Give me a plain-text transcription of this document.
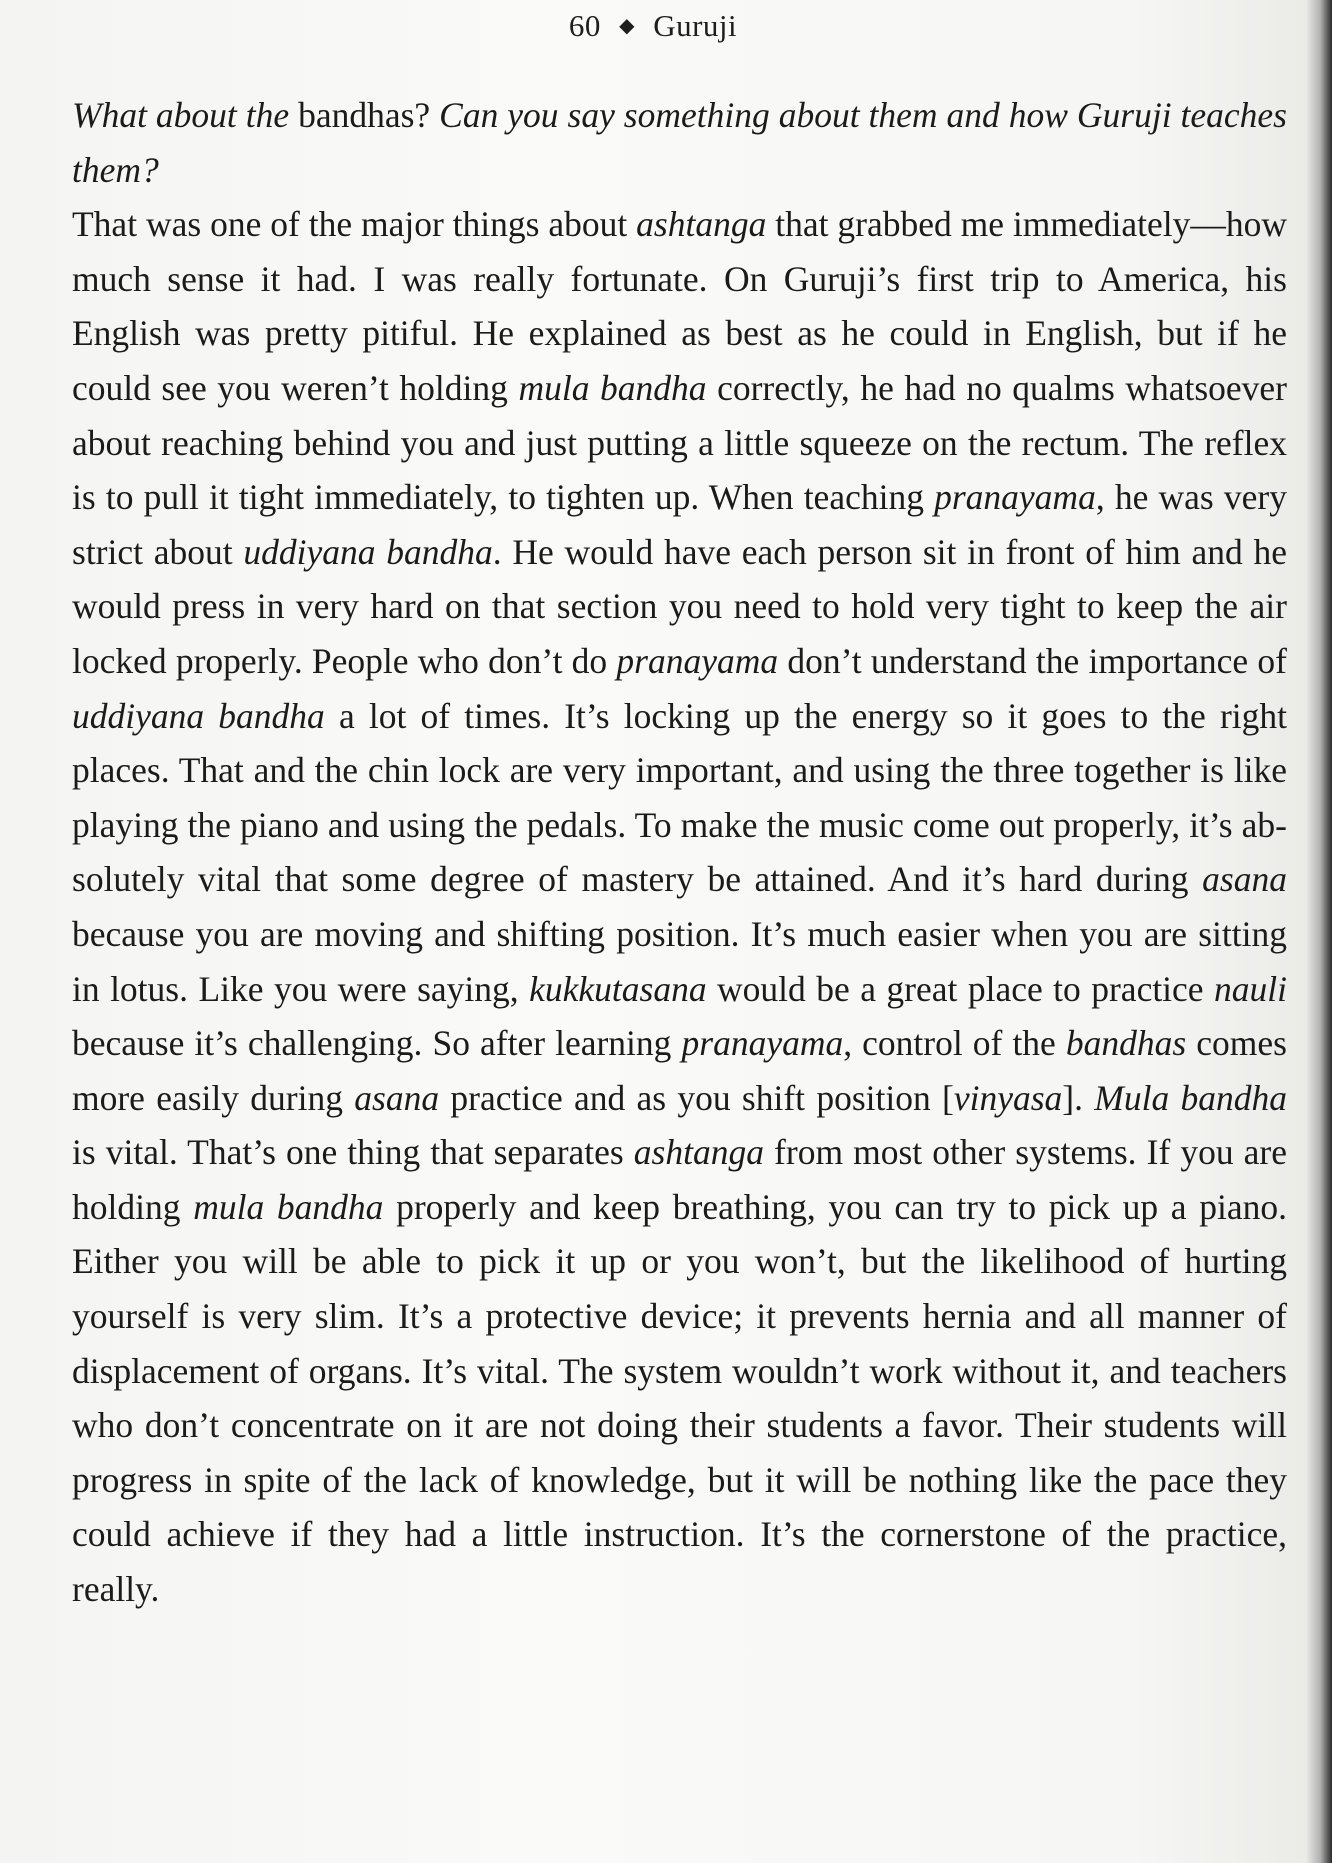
60 ◆ Guruji

What about the bandhas? Can you say something about them and how Guruji teaches them?

That was one of the major things about ashtanga that grabbed me immediately—how much sense it had. I was really fortunate. On Guruji’s first trip to America, his English was pretty pitiful. He explained as best as he could in English, but if he could see you weren’t holding mula bandha correctly, he had no qualms whatsoever about reaching behind you and just putting a little squeeze on the rectum. The reflex is to pull it tight immediately, to tighten up. When teaching pranayama, he was very strict about uddiyana bandha. He would have each person sit in front of him and he would press in very hard on that section you need to hold very tight to keep the air locked properly. People who don’t do pranayama don’t understand the importance of uddiyana bandha a lot of times. It’s locking up the energy so it goes to the right places. That and the chin lock are very important, and using the three together is like playing the piano and using the pedals. To make the music come out properly, it’s absolutely vital that some degree of mastery be attained. And it’s hard during asana because you are moving and shifting position. It’s much easier when you are sitting in lotus. Like you were saying, kukkutasana would be a great place to practice nauli because it’s challenging. So after learning pranayama, control of the bandhas comes more easily during asana practice and as you shift position [vinyasa]. Mula bandha is vital. That’s one thing that separates ashtanga from most other systems. If you are holding mula bandha properly and keep breathing, you can try to pick up a piano. Either you will be able to pick it up or you won’t, but the likelihood of hurting yourself is very slim. It’s a protective device; it prevents hernia and all manner of displacement of organs. It’s vital. The system wouldn’t work without it, and teachers who don’t concentrate on it are not doing their students a favor. Their students will progress in spite of the lack of knowledge, but it will be nothing like the pace they could achieve if they had a little instruction. It’s the cornerstone of the practice, really.
